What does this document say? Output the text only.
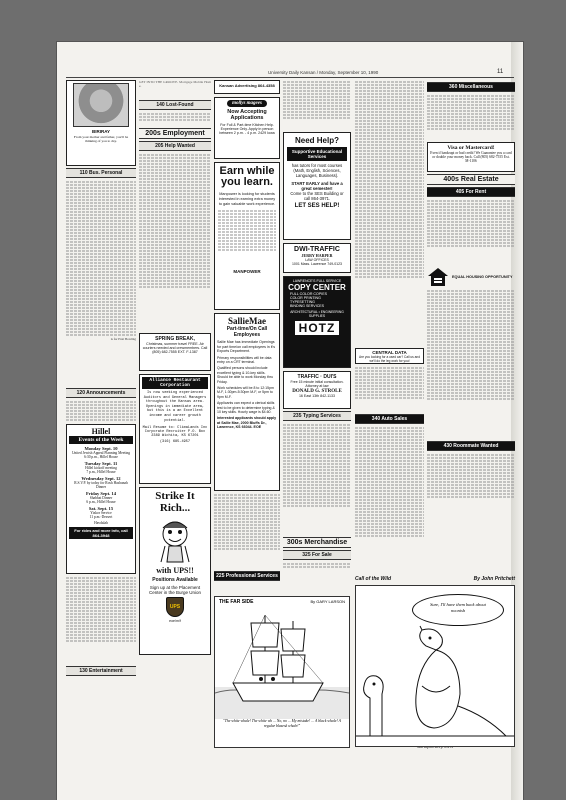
University Daily Kansan / Monday, September 10, 1990	11
BIRIRAY
From your mother and father, you'll be thinking of you to day.
110 Bus. Personal
is for Pratt Bowling
120 Announcements
Hillel
Events of the Week
Monday Sept. 10
United Jewish Appeal Planning Meeting
6:30 p.m., Hillel House
Tuesday Sept. 11
Hillel kickoff meeting
7 p.m., Hillel House
Wednesday Sept. 12
R.S.V.P. by today for Rosh Hashanah Dinner
Friday Sept. 14
Shabbat Dinner
6 p.m., Hillel House
Sat. Sept. 15
Yizkor Service
11 p.m.-Dessert
Havdalah
For rides and more info, call 864-3948
130 Entertainment
GET INTO THE GROOVE. Mortgage Mobile Home.
140 Lost-Found
200s Employment
205 Help Wanted
SPRING BREAK,
Christmas, summer travel FREE. Air couriers needed and crewmembers. Call (805) 682-7555 EXT. F-1387
Alliance Restaurant Corporation
Is now seeking experienced Auditors and General Managers throughout the Kansas area. Openings in immediate area, but this is a an Excellent income and career growth potential.
Mail Resume to: ClimaLands Inc
Corporate Recruiter P.O. Box 2389 Wichita, KS 67201
(316) 685-4957
Strike It Rich...
with UPS!!
Positions Available
Sign up at the Placement Center in the Burge Union
UPS
eoe/m/f
Kansan Advertising 864-4358
mollys magees
Now Accepting Applications
For Full & Part-time Kitchen Help. Experience Only. Apply in person between 2 p.m. - 4 p.m. 2429 Iowa
Earn while you learn.
Manpower is looking for students interested in earning extra money to gain valuable work experience.
MANPOWER
SallieMae
Part-time/On Call Employees
Sallie Mae has immediate Openings for part time/on call employees in it's Exports Department.
Primary responsibilities will be data entry on a CRT terminal.
Qualified persons should include excellent typing & 10-key skills. Should be able to work Monday thru Friday.
Work schedules will be 8 to 12:15pm M-F, 1:30pm-5:30pm M-F, or 5pm to 9pm M-F.
Applicants can expect a clerical skills test to be given to determine typing & 10 key skills. Hourly wage is $4.60.
Interested applicants should apply at Sallie Mae, 2000 Bluffs Dr., Lawrence, KS 66044. EOE
225 Professional Services
Need Help?
Supportive Educational Services
has tutors for most courses (Math, English, Sciences, Languages, Business).
START EARLY and have a great semester!
Come to the SES Building or call 864-3971.
LET SES HELP!
DWI-TRAFFIC
JERRY HARPER
LAW OFFICES
1001 Mass. Lawrence 749-0123
LAWRENCE'S FULL SERVICE
COPY CENTER
FULL COLOR COPIES
COLOR PRINTING
TYPESETTING
BINDING SERVICES
ARCHITECTURAL • ENGINEERING SUPPLIES
HOTZ
TRAFFIC · DUI'S
Free 15 minute initial consultation. Attorney at law
DONALD G. STROLE
16 East 13th 842-1133
235 Typing Services
300s Merchandise
325 For Sale
CENTRAL DATA
Are you looking for a used car? Call us and we'll do the leg work for you!
340 Auto Sales
360 Miscellaneous
Visa or Mastercard!
Even if bankrupt or bad credit! We Guarantee you a card or double your money back. Call (805) 682-7555 Ext. M-1106
400s Real Estate
405 For Rent
EQUAL HOUSING OPPORTUNITY
430 Roommate Wanted
THE FAR SIDE	By GARY LARSON
"The white whale! The white wh ... No, no ... My mistake! ... A black whale! A regular blasesk whale!"
Call of the Wild	By John Pritchett
Sure, I'll have them back about noonish
